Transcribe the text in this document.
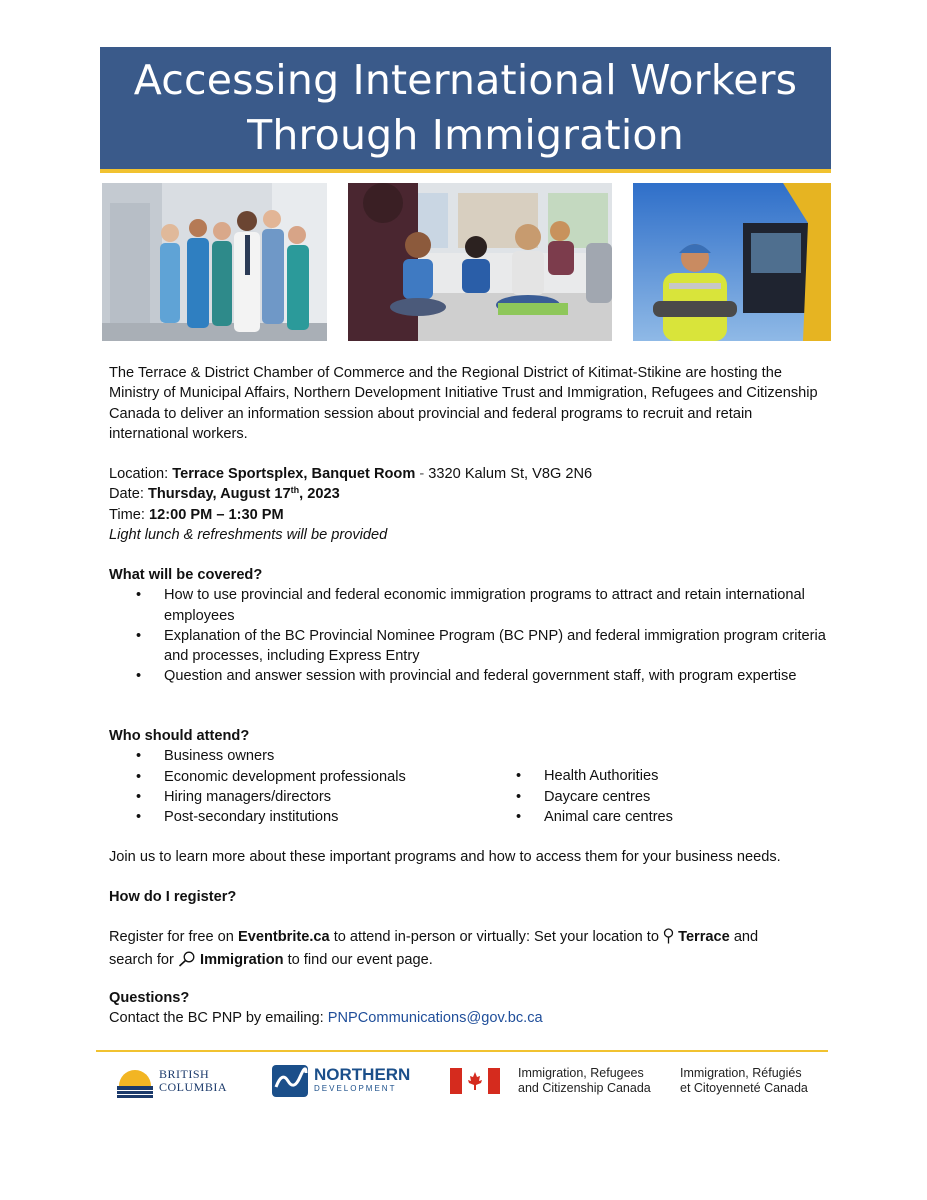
Accessing International Workers
Through Immigration

The Terrace & District Chamber of Commerce and the Regional District of Kitimat-Stikine are hosting the Ministry of Municipal Affairs, Northern Development Initiative Trust and Immigration, Refugees and Citizenship Canada to deliver an information session about provincial and federal programs to recruit and retain international workers.

Location: Terrace Sportsplex, Banquet Room - 3320 Kalum St, V8G 2N6

Date: Thursday, August 17th, 2023

Time: 12:00 PM – 1:30 PM

Light lunch & refreshments will be provided

What will be covered?

• How to use provincial and federal economic immigration programs to attract and retain international employees
• Explanation of the BC Provincial Nominee Program (BC PNP) and federal immigration program criteria and processes, including Express Entry
• Question and answer session with provincial and federal government staff, with program expertise

Who should attend?

• Business owners
• Economic development professionals
• Hiring managers/directors
• Post-secondary institutions
• Health Authorities
• Daycare centres
• Animal care centres

Join us to learn more about these important programs and how to access them for your business needs.

How do I register?

Register for free on Eventbrite.ca to attend in-person or virtually: Set your location to  Terrace and

search for  Immigration to find our event page.

Questions?

Contact the BC PNP by emailing: PNPCommunications@gov.bc.ca

BRITISH
COLUMBIA
NORTHERN
DEVELOPMENT
Immigration, Refugees
and Citizenship Canada
Immigration, Réfugiés
et Citoyenneté Canada
